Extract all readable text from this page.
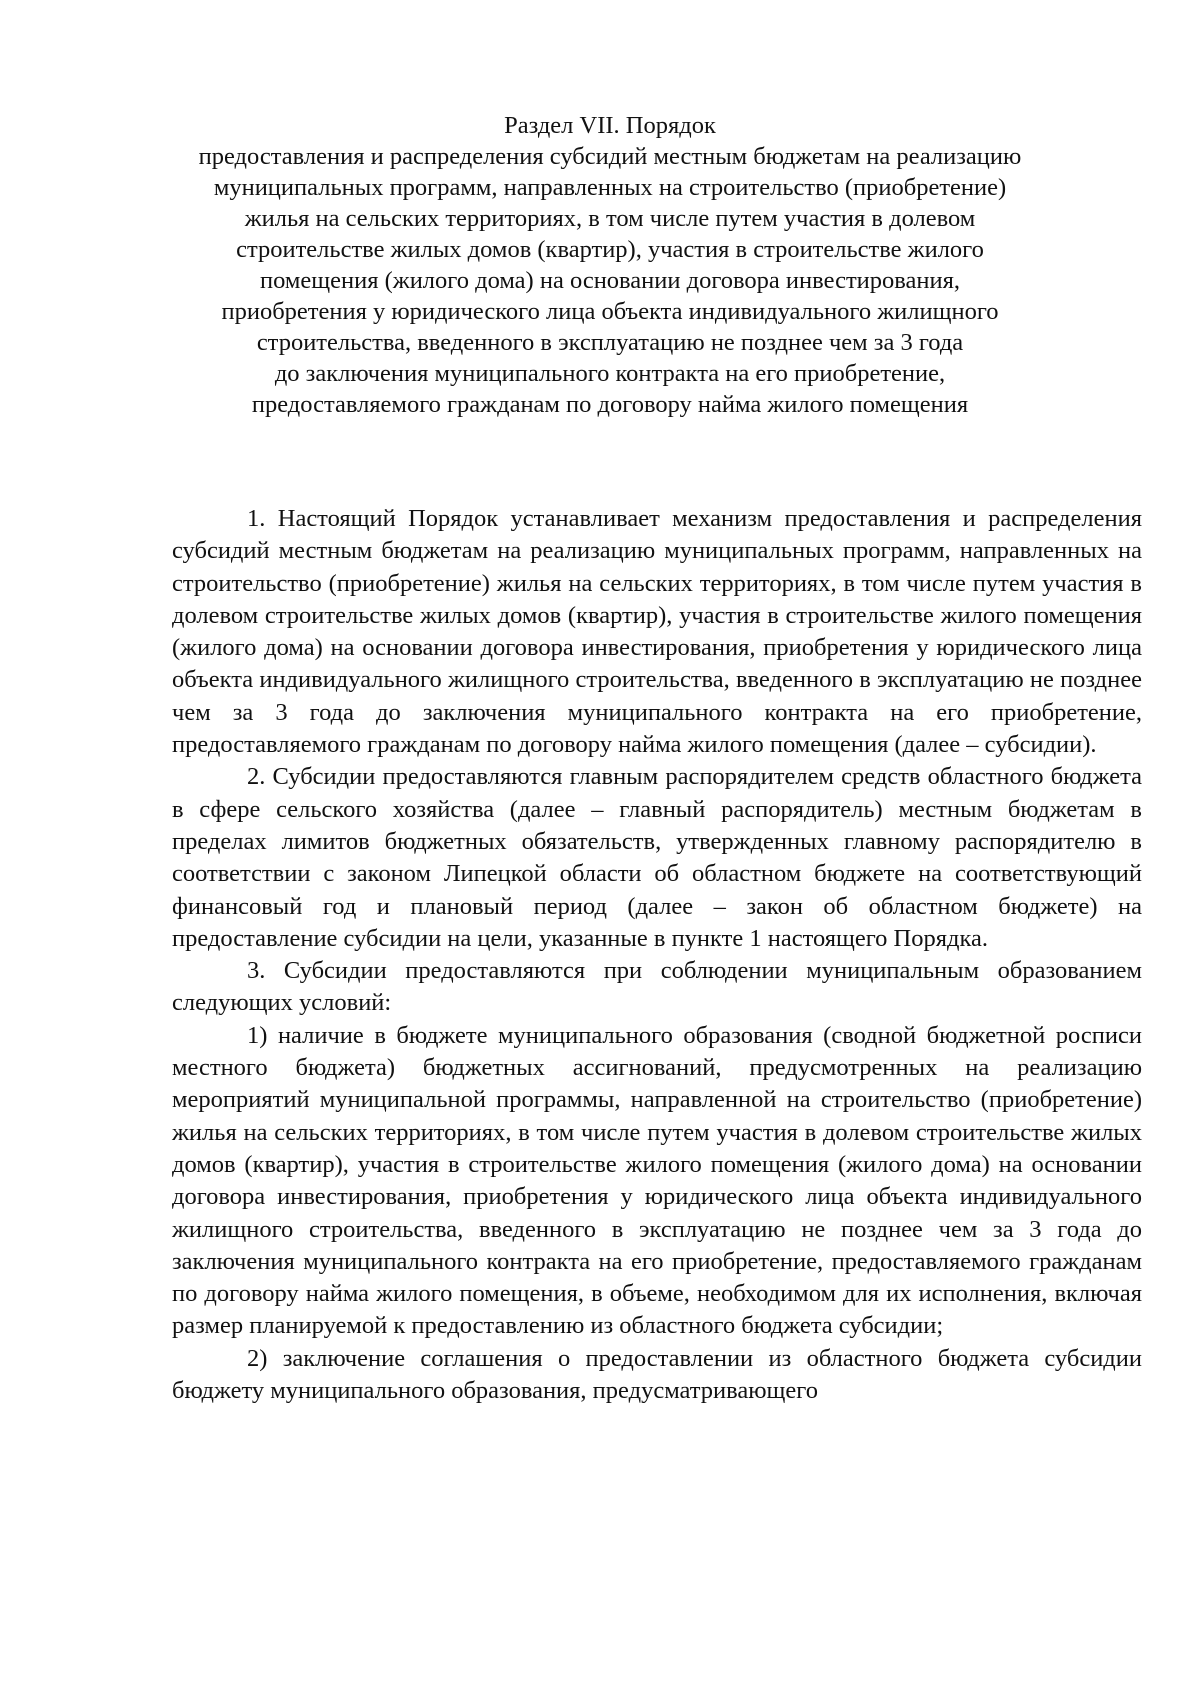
Раздел VII. Порядок
предоставления и распределения субсидий местным бюджетам на реализацию
муниципальных программ, направленных на строительство (приобретение)
жилья на сельских территориях, в том числе путем участия в долевом
строительстве жилых домов (квартир), участия в строительстве жилого
помещения (жилого дома) на основании договора инвестирования,
приобретения у юридического лица объекта индивидуального жилищного
строительства, введенного в эксплуатацию не позднее чем за 3 года
до заключения муниципального контракта на его приобретение,
предоставляемого гражданам по договору найма жилого помещения

1. Настоящий Порядок устанавливает механизм предоставления и распределения субсидий местным бюджетам на реализацию муниципальных программ, направленных на строительство (приобретение) жилья на сельских территориях, в том числе путем участия в долевом строительстве жилых домов (квартир), участия в строительстве жилого помещения (жилого дома) на основании договора инвестирования, приобретения у юридического лица объекта индивидуального жилищного строительства, введенного в эксплуатацию не позднее чем за 3 года до заключения муниципального контракта на его приобретение, предоставляемого гражданам по договору найма жилого помещения (далее – субсидии).

2. Субсидии предоставляются главным распорядителем средств областного бюджета в сфере сельского хозяйства (далее – главный распорядитель) местным бюджетам в пределах лимитов бюджетных обязательств, утвержденных главному распорядителю в соответствии с законом Липецкой области об областном бюджете на соответствующий финансовый год и плановый период (далее – закон об областном бюджете) на предоставление субсидии на цели, указанные в пункте 1 настоящего Порядка.

3. Субсидии предоставляются при соблюдении муниципальным образованием следующих условий:

1) наличие в бюджете муниципального образования (сводной бюджетной росписи местного бюджета) бюджетных ассигнований, предусмотренных на реализацию мероприятий муниципальной программы, направленной на строительство (приобретение) жилья на сельских территориях, в том числе путем участия в долевом строительстве жилых домов (квартир), участия в строительстве жилого помещения (жилого дома) на основании договора инвестирования, приобретения у юридического лица объекта индивидуального жилищного строительства, введенного в эксплуатацию не позднее чем за 3 года до заключения муниципального контракта на его приобретение, предоставляемого гражданам по договору найма жилого помещения, в объеме, необходимом для их исполнения, включая размер планируемой к предоставлению из областного бюджета субсидии;

2) заключение соглашения о предоставлении из областного бюджета субсидии бюджету муниципального образования, предусматривающего
